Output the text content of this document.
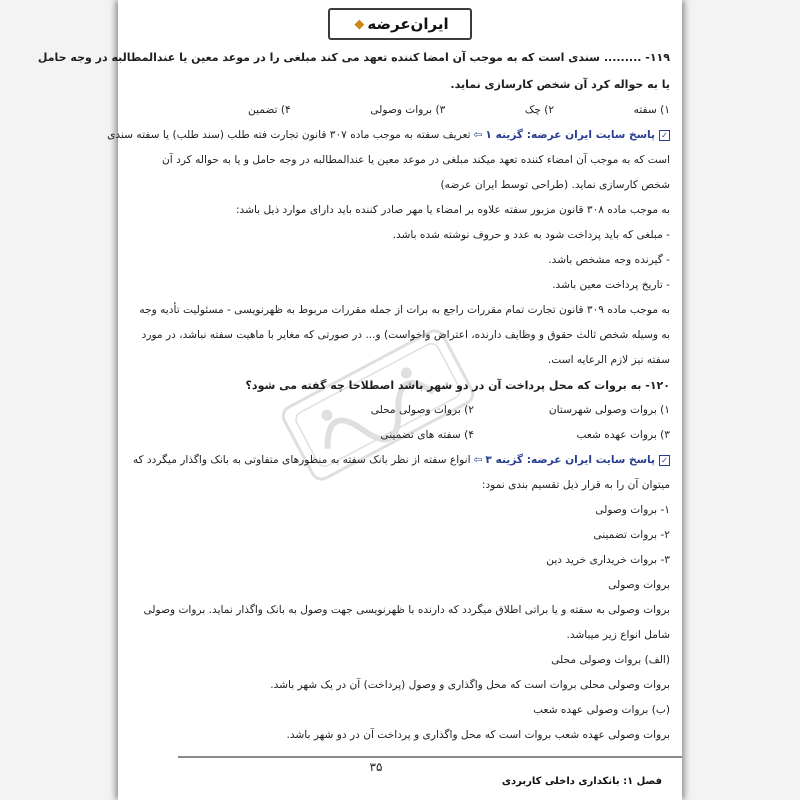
ایران‌عرضه
◆
۱۱۹- ......... سندی است که به موجب آن امضا کننده تعهد می کند مبلغی را در موعد معین یا عندالمطالبه در وجه حامل
یا به حواله کرد آن شخص کارسازی نماید.
۱) سفته
۲) چک
۳) بروات وصولی
۴) تضمین
✓پاسخ سایت ایران عرضه: گزینه ۱⇦تعریف سفته به موجب ماده ۳۰۷ قانون تجارت فته طلب (سند طلب) یا سفته سندی
است که به موجب آن امضاء کننده تعهد میکند مبلغی در موعد معین یا عندالمطالبه در وجه حامل و یا به حواله کرد آن
شخص کارسازی نماید. (طراحی توسط ایران عرضه)
به موجب ماده ۳۰۸ قانون مزبور سفته علاوه بر امضاء یا مهر صادر کننده باید دارای موارد ذیل باشد:
- مبلغی که باید پرداخت شود به عدد و حروف نوشته شده باشد.
- گیرنده وجه مشخص باشد.
- تاریخ پرداخت معین باشد.
به موجب ماده ۳۰۹ قانون تجارت تمام مقررات راجع به برات از جمله مقررات مربوط به ظهرنویسی - مسئولیت تأدیه وجه
به وسیله شخص ثالث حقوق و وظایف دارنده، اعتراض واخواست) و... در صورتی که مغایر با ماهیت سفته نباشد، در مورد
سفته نیز لازم الرعایه است.
۱۲۰- به بروات که محل پرداخت آن در دو شهر باشد اصطلاحا چه گفته می شود؟
۱) بروات وصولی شهرستان
۲) بروات وصولی محلی
۳) بروات عهده شعب
۴) سفته های تضمینی
✓پاسخ سایت ایران عرضه: گزینه ۳⇦انواع سفته از نظر بانک سفته به منظورهای متفاوتی به بانک واگذار میگردد که
میتوان آن را به قرار ذیل تقسیم بندی نمود:
۱- بروات وصولی
۲- بروات تضمینی
۳- بروات خریداری خرید دین
بروات وصولی
بروات وصولی به سفته و یا براتی اطلاق میگردد که دارنده با ظهرنویسی جهت وصول به بانک واگذار نماید. بروات وصولی
شامل انواع زیر میباشد.
(الف) بروات وصولی محلی
بروات وصولی محلی بروات است که محل واگذاری و وصول (پرداخت) آن در یک شهر باشد.
(ب) بروات وصولی عهده شعب
بروات وصولی عهده شعب بروات است که محل واگذاری و پرداخت آن در دو شهر باشد.
۳۵
فصل ۱: بانکداری داخلی کاربردی
